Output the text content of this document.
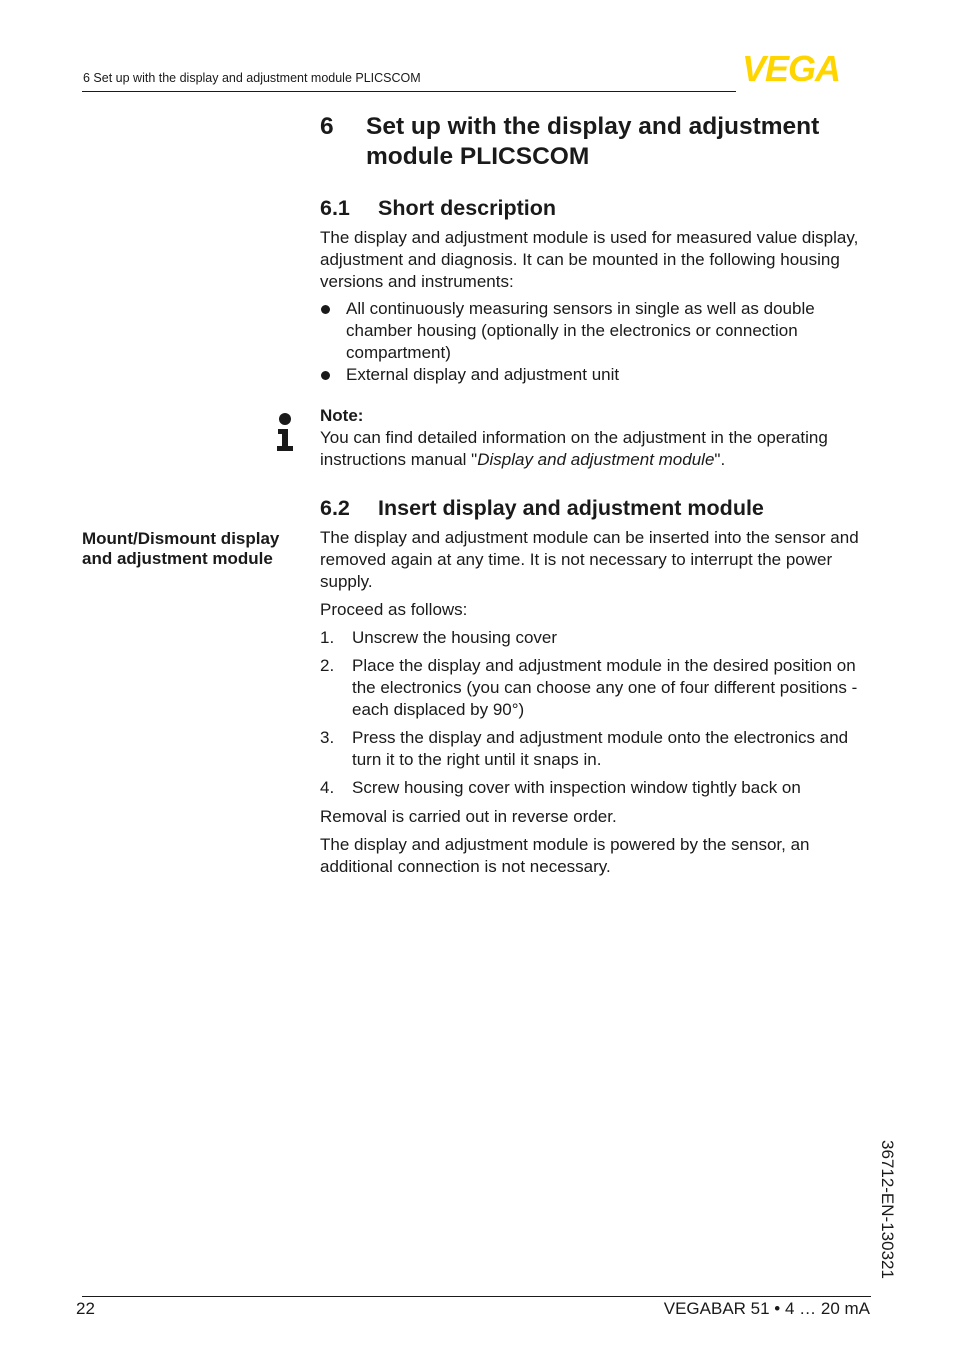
6 Set up with the display and adjustment module PLICSCOM	VEGA
6 Set up with the display and adjustment module PLICSCOM
6.1 Short description
The display and adjustment module is used for measured value display, adjustment and diagnosis. It can be mounted in the following housing versions and instruments:
All continuously measuring sensors in single as well as double chamber housing (optionally in the electronics or connection compartment)
External display and adjustment unit
Note:
You can find detailed information on the adjustment in the operating instructions manual "Display and adjustment module".
6.2 Insert display and adjustment module
Mount/Dismount display and adjustment module
The display and adjustment module can be inserted into the sensor and removed again at any time. It is not necessary to interrupt the power supply.
Proceed as follows:
1. Unscrew the housing cover
2. Place the display and adjustment module in the desired position on the electronics (you can choose any one of four different positions - each displaced by 90°)
3. Press the display and adjustment module onto the electronics and turn it to the right until it snaps in.
4. Screw housing cover with inspection window tightly back on
Removal is carried out in reverse order.
The display and adjustment module is powered by the sensor, an additional connection is not necessary.
36712-EN-130321
22	VEGABAR 51 • 4 … 20 mA
